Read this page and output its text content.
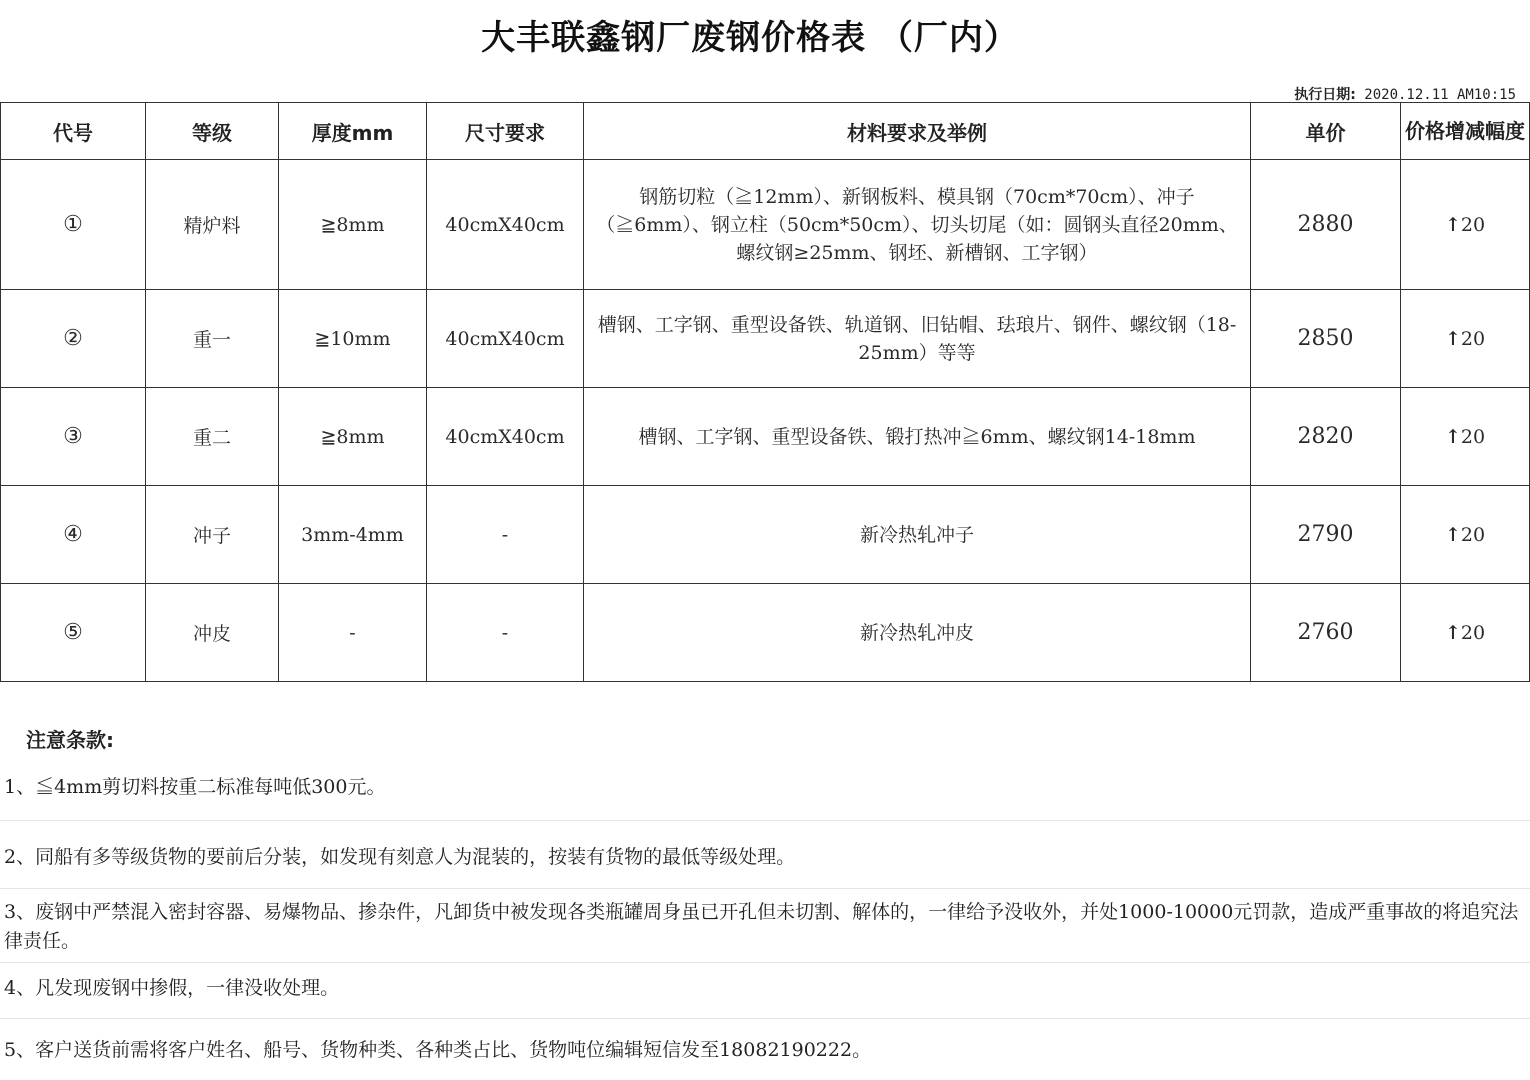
大丰联鑫钢厂废钢价格表 （厂内）
执行日期: 2020.12.11 AM10:15
代号	等级	厚度mm	尺寸要求	材料要求及举例	单价	价格增减幅度
①	精炉料	≧8mm	40cmX40cm	钢筋切粒（≧12mm）、新钢板料、模具钢（70cm*70cm）、冲子（≧6mm）、钢立柱（50cm*50cm）、切头切尾（如：圆钢头直径20mm、螺纹钢≥25mm、钢坯、新槽钢、工字钢）	2880	↑20
②	重一	≧10mm	40cmX40cm	槽钢、工字钢、重型设备铁、轨道钢、旧钻帽、珐琅片、钢件、螺纹钢（18-25mm）等等	2850	↑20
③	重二	≧8mm	40cmX40cm	槽钢、工字钢、重型设备铁、锻打热冲≧6mm、螺纹钢14-18mm	2820	↑20
④	冲子	3mm-4mm	-	新冷热轧冲子	2790	↑20
⑤	冲皮	-	-	新冷热轧冲皮	2760	↑20
注意条款:
1、≦4mm剪切料按重二标准每吨低300元。
2、同船有多等级货物的要前后分装，如发现有刻意人为混装的，按装有货物的最低等级处理。
3、废钢中严禁混入密封容器、易爆物品、掺杂件，凡卸货中被发现各类瓶罐周身虽已开孔但未切割、解体的，一律给予没收外，并处1000-10000元罚款，造成严重事故的将追究法律责任。
4、凡发现废钢中掺假，一律没收处理。
5、客户送货前需将客户姓名、船号、货物种类、各种类占比、货物吨位编辑短信发至18082190222。
